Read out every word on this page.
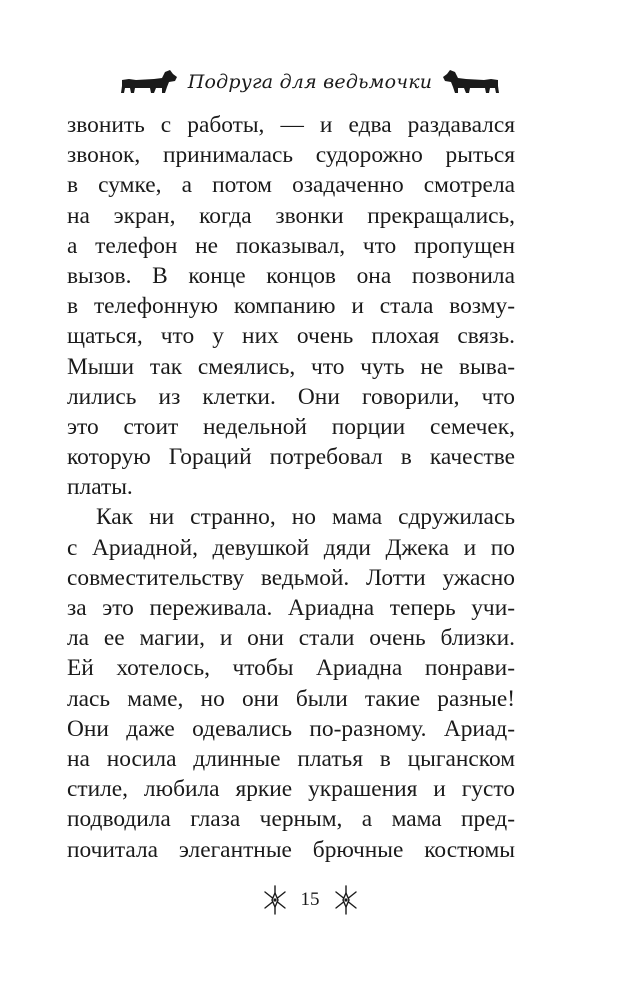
Подруга для ведьмочки
звонить с работы, — и едва раздавался
звонок, принималась судорожно рыться
в сумке, а потом озадаченно смотрела
на экран, когда звонки прекращались,
а телефон не показывал, что пропущен
вызов. В конце концов она позвонила
в телефонную компанию и стала возму-
щаться, что у них очень плохая связь.
Мыши так смеялись, что чуть не вывa-
лились из клетки. Они говорили, что
это стоит недельной порции семечек,
которую Гораций потребовал в качестве
платы.
Как ни странно, но мама сдружилась
с Ариадной, девушкой дяди Джека и по
совместительству ведьмой. Лотти ужасно
за это переживала. Ариадна теперь учи-
ла ее магии, и они стали очень близки.
Ей хотелось, чтобы Ариадна понрави-
лась маме, но они были такие разные!
Они даже одевались по-разному. Ариад-
на носила длинные платья в цыганском
стиле, любила яркие украшения и густо
подводила глаза черным, а мама пред-
почитала элегантные брючные костюмы
15
